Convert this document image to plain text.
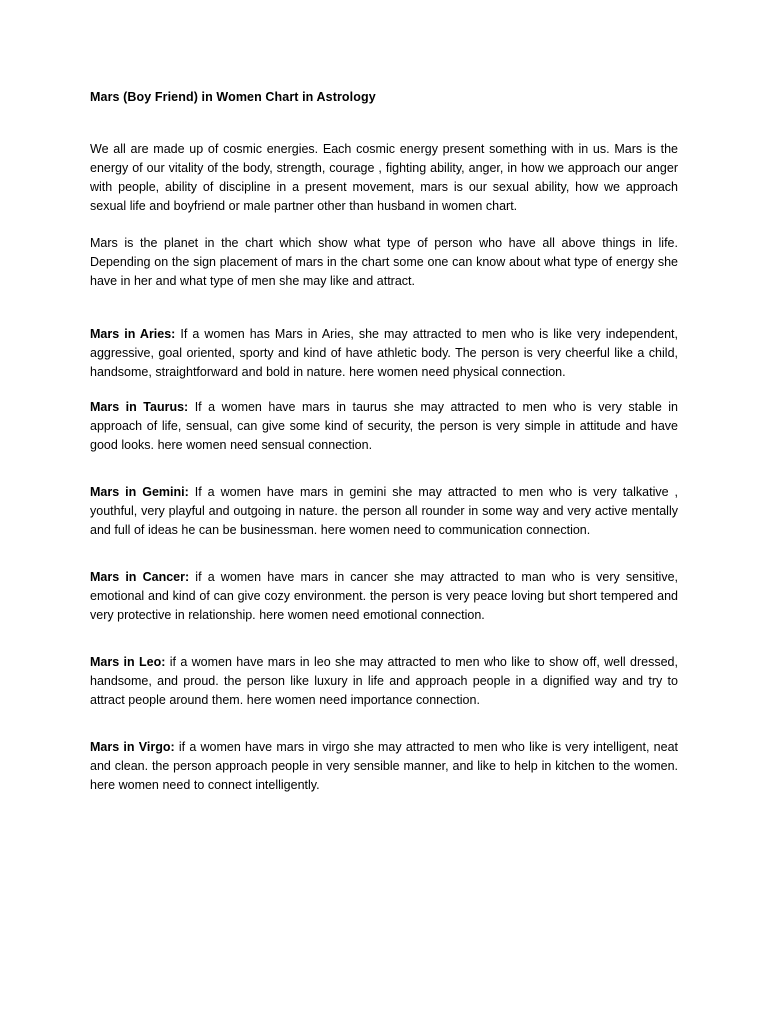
Mars (Boy Friend) in Women Chart in Astrology

We all are made up of cosmic energies. Each cosmic energy present something with in us. Mars is the energy of our vitality of the body, strength, courage , fighting ability, anger, in how we approach our anger with people, ability of discipline in a present movement, mars is our sexual ability, how we approach sexual life and boyfriend or male partner other than husband in women chart.

Mars is the planet in the chart which show what type of person who have all above things in life. Depending on the sign placement of mars in the chart some one can know about what type of energy she have in her and what type of men she may like and attract.

Mars in Aries: If a women has Mars in Aries, she may attracted to men who is like very independent, aggressive, goal oriented, sporty and kind of have athletic body. The person is very cheerful like a child, handsome, straightforward and bold in nature. here women need physical connection.

Mars in Taurus: If a women have mars in taurus she may attracted to men who is very stable in approach of life, sensual, can give some kind of security, the person is very simple in attitude and have good looks. here women need sensual connection.

Mars in Gemini: If a women have mars in gemini she may attracted to men who is very talkative , youthful, very playful and outgoing in nature. the person all rounder in some way and very active mentally and full of ideas he can be businessman. here women need to communication connection.

Mars in Cancer: if a women have mars in cancer she may attracted to man who is very sensitive, emotional and kind of can give cozy environment. the person is very peace loving but short tempered and very protective in relationship. here women need emotional connection.

Mars in Leo: if a women have mars in leo she may attracted to men who like to show off, well dressed, handsome, and proud. the person like luxury in life and approach people in a dignified way and try to attract people around them. here women need importance connection.

Mars in Virgo: if a women have mars in virgo she may attracted to men who like is very intelligent, neat and clean. the person approach people in very sensible manner, and like to help in kitchen to the women. here women need to connect intelligently.
